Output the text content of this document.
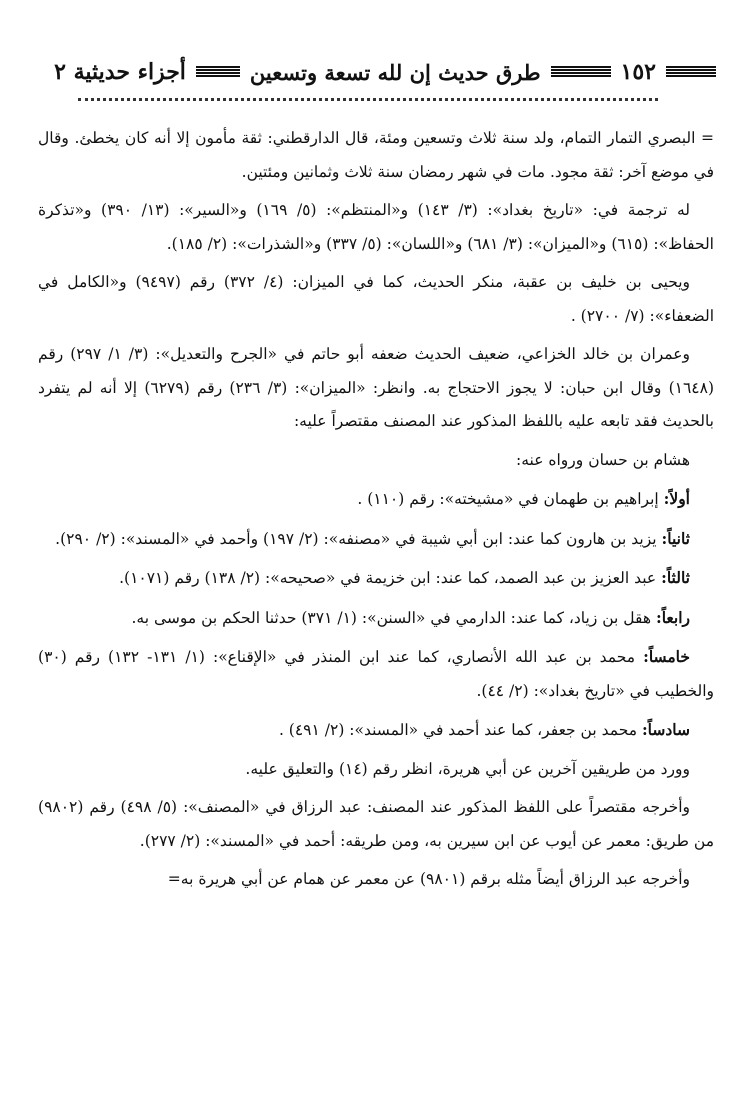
١٥٢
طرق حديث إن لله تسعة وتسعين
أجزاء حديثية ٢

= البصري التمار التمام، ولد سنة ثلاث وتسعين ومئة، قال الدارقطني: ثقة مأمون إلا أنه كان يخطئ. وقال في موضع آخر: ثقة مجود. مات في شهر رمضان سنة ثلاث وثمانين ومئتين.

له ترجمة في: «تاريخ بغداد»: (٣/ ١٤٣) و«المنتظم»: (٥/ ١٦٩) و«السير»: (١٣/ ٣٩٠) و«تذكرة الحفاظ»: (٦١٥) و«الميزان»: (٣/ ٦٨١) و«اللسان»: (٥/ ٣٣٧) و«الشذرات»: (٢/ ١٨٥).

ويحيى بن خليف بن عقبة، منكر الحديث، كما في الميزان: (٤/ ٣٧٢) رقم (٩٤٩٧) و«الكامل في الضعفاء»: (٧/ ٢٧٠٠) .

وعمران بن خالد الخزاعي، ضعيف الحديث ضعفه أبو حاتم في «الجرح والتعديل»: (٣/ ١/ ٢٩٧) رقم (١٦٤٨) وقال ابن حبان: لا يجوز الاحتجاج به. وانظر: «الميزان»: (٣/ ٢٣٦) رقم (٦٢٧٩) إلا أنه لم يتفرد بالحديث فقد تابعه عليه باللفظ المذكور عند المصنف مقتصراً عليه:

هشام بن حسان ورواه عنه:

أولاً: إبراهيم بن طهمان في «مشيخته»: رقم (١١٠) .

ثانياً: يزيد بن هارون كما عند: ابن أبي شيبة في «مصنفه»: (٢/ ١٩٧) وأحمد في «المسند»: (٢/ ٢٩٠).

ثالثاً: عبد العزيز بن عبد الصمد، كما عند: ابن خزيمة في «صحيحه»: (٢/ ١٣٨) رقم (١٠٧١).

رابعاً: هقل بن زياد، كما عند: الدارمي في «السنن»: (١/ ٣٧١) حدثنا الحكم بن موسى به.

خامساً: محمد بن عبد الله الأنصاري، كما عند ابن المنذر في «الإقناع»: (١/ ١٣١- ١٣٢) رقم (٣٠) والخطيب في «تاريخ بغداد»: (٢/ ٤٤).

سادساً: محمد بن جعفر، كما عند أحمد في «المسند»: (٢/ ٤٩١) .

وورد من طريقين آخرين عن أبي هريرة، انظر رقم (١٤) والتعليق عليه.

وأخرجه مقتصراً على اللفظ المذكور عند المصنف: عبد الرزاق في «المصنف»: (٥/ ٤٩٨) رقم (٩٨٠٢) من طريق: معمر عن أيوب عن ابن سيرين به، ومن طريقه: أحمد في «المسند»: (٢/ ٢٧٧).

وأخرجه عبد الرزاق أيضاً مثله برقم (٩٨٠١) عن معمر عن همام عن أبي هريرة به=
